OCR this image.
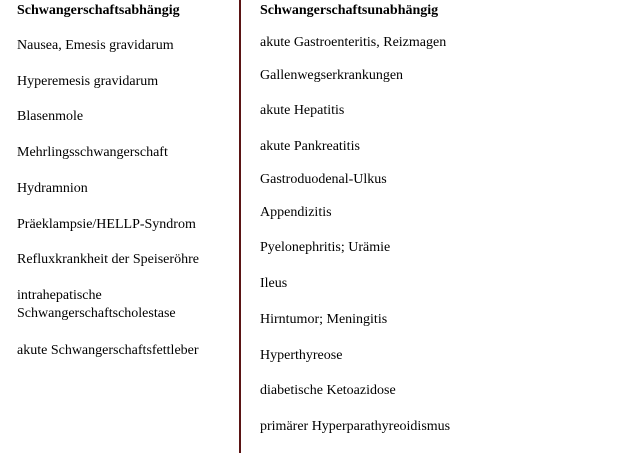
Schwangerschaftsabhängig
Nausea, Emesis gravidarum
Hyperemesis gravidarum
Blasenmole
Mehrlingsschwangerschaft
Hydramnion
Präeklampsie/HELLP-Syndrom
Refluxkrankheit der Speiseröhre
intrahepatische Schwangerschaftscholestase
akute Schwangerschaftsfettleber
Schwangerschaftsunabhängig
akute Gastroenteritis, Reizmagen
Gallenwegserkrankungen
akute Hepatitis
akute Pankreatitis
Gastroduodenal-Ulkus
Appendizitis
Pyelonephritis; Urämie
Ileus
Hirntumor; Meningitis
Hyperthyreose
diabetische Ketoazidose
primärer Hyperparathyreoidismus
